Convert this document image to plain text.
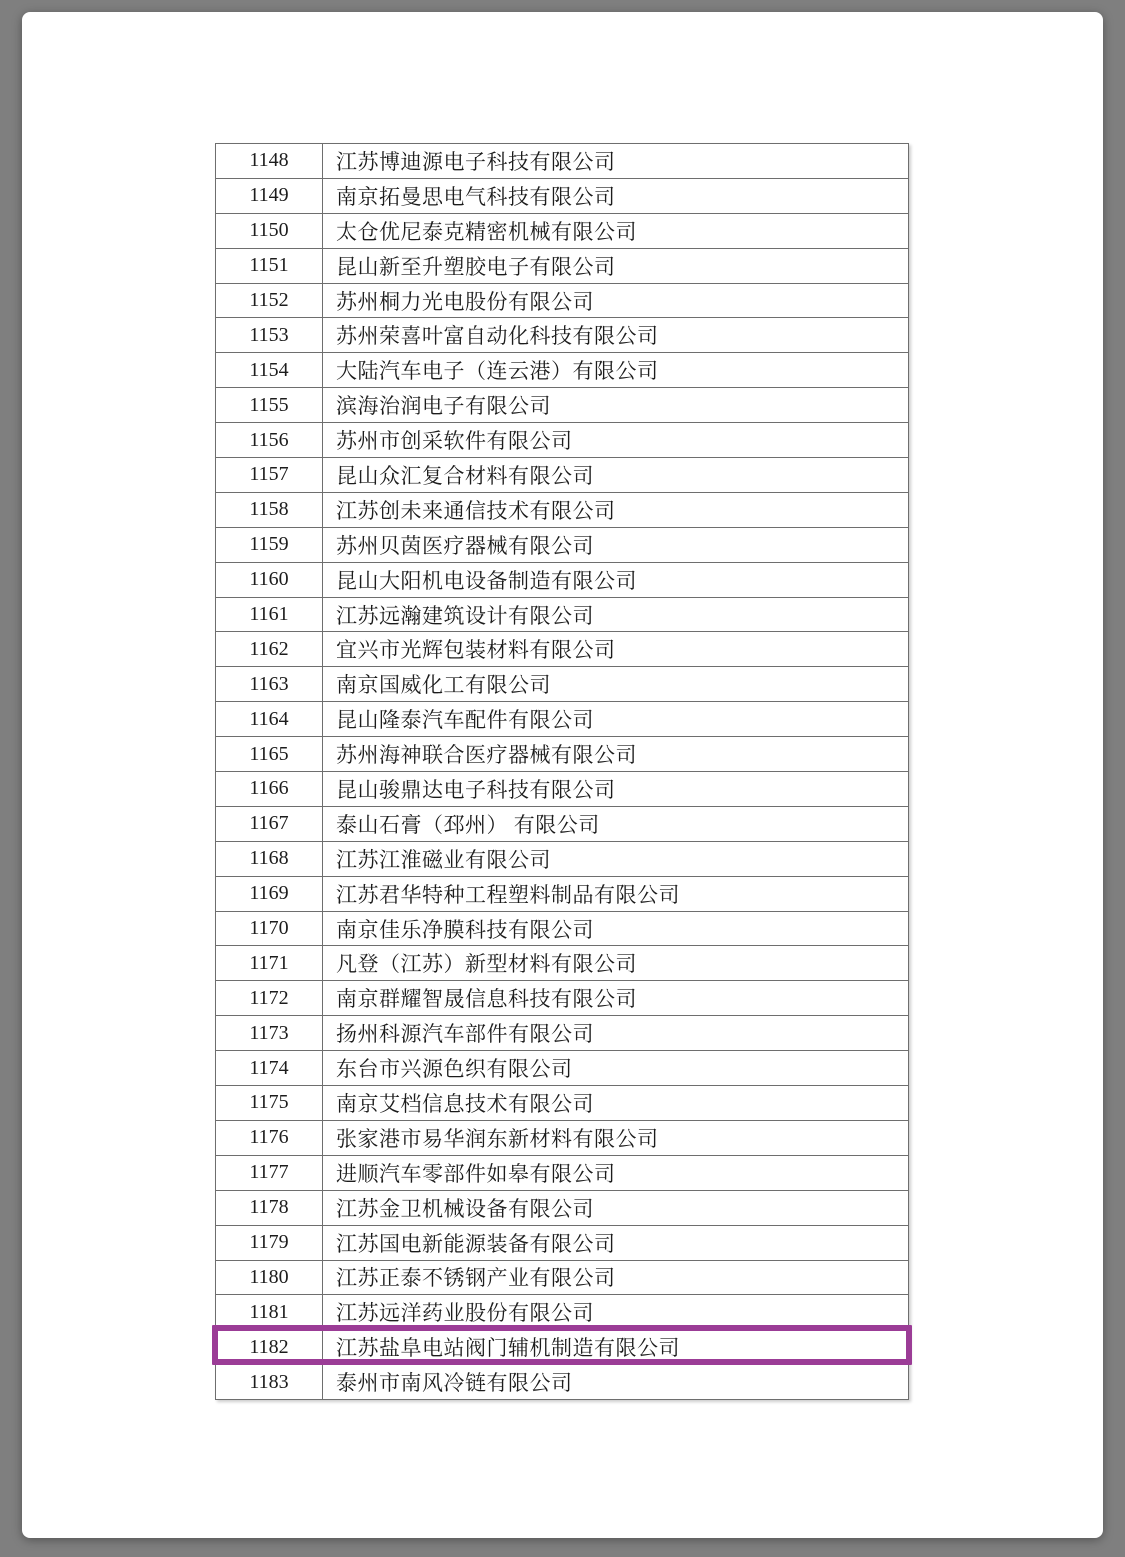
1148	江苏博迪源电子科技有限公司
1149	南京拓曼思电气科技有限公司
1150	太仓优尼泰克精密机械有限公司
1151	昆山新至升塑胶电子有限公司
1152	苏州桐力光电股份有限公司
1153	苏州荣喜叶富自动化科技有限公司
1154	大陆汽车电子（连云港）有限公司
1155	滨海治润电子有限公司
1156	苏州市创采软件有限公司
1157	昆山众汇复合材料有限公司
1158	江苏创未来通信技术有限公司
1159	苏州贝茵医疗器械有限公司
1160	昆山大阳机电设备制造有限公司
1161	江苏远瀚建筑设计有限公司
1162	宜兴市光辉包装材料有限公司
1163	南京国威化工有限公司
1164	昆山隆泰汽车配件有限公司
1165	苏州海神联合医疗器械有限公司
1166	昆山骏鼎达电子科技有限公司
1167	泰山石膏（邳州） 有限公司
1168	江苏江淮磁业有限公司
1169	江苏君华特种工程塑料制品有限公司
1170	南京佳乐净膜科技有限公司
1171	凡登（江苏）新型材料有限公司
1172	南京群耀智晟信息科技有限公司
1173	扬州科源汽车部件有限公司
1174	东台市兴源色织有限公司
1175	南京艾档信息技术有限公司
1176	张家港市易华润东新材料有限公司
1177	进顺汽车零部件如皋有限公司
1178	江苏金卫机械设备有限公司
1179	江苏国电新能源装备有限公司
1180	江苏正泰不锈钢产业有限公司
1181	江苏远洋药业股份有限公司
1182	江苏盐阜电站阀门辅机制造有限公司
1183	泰州市南风冷链有限公司
